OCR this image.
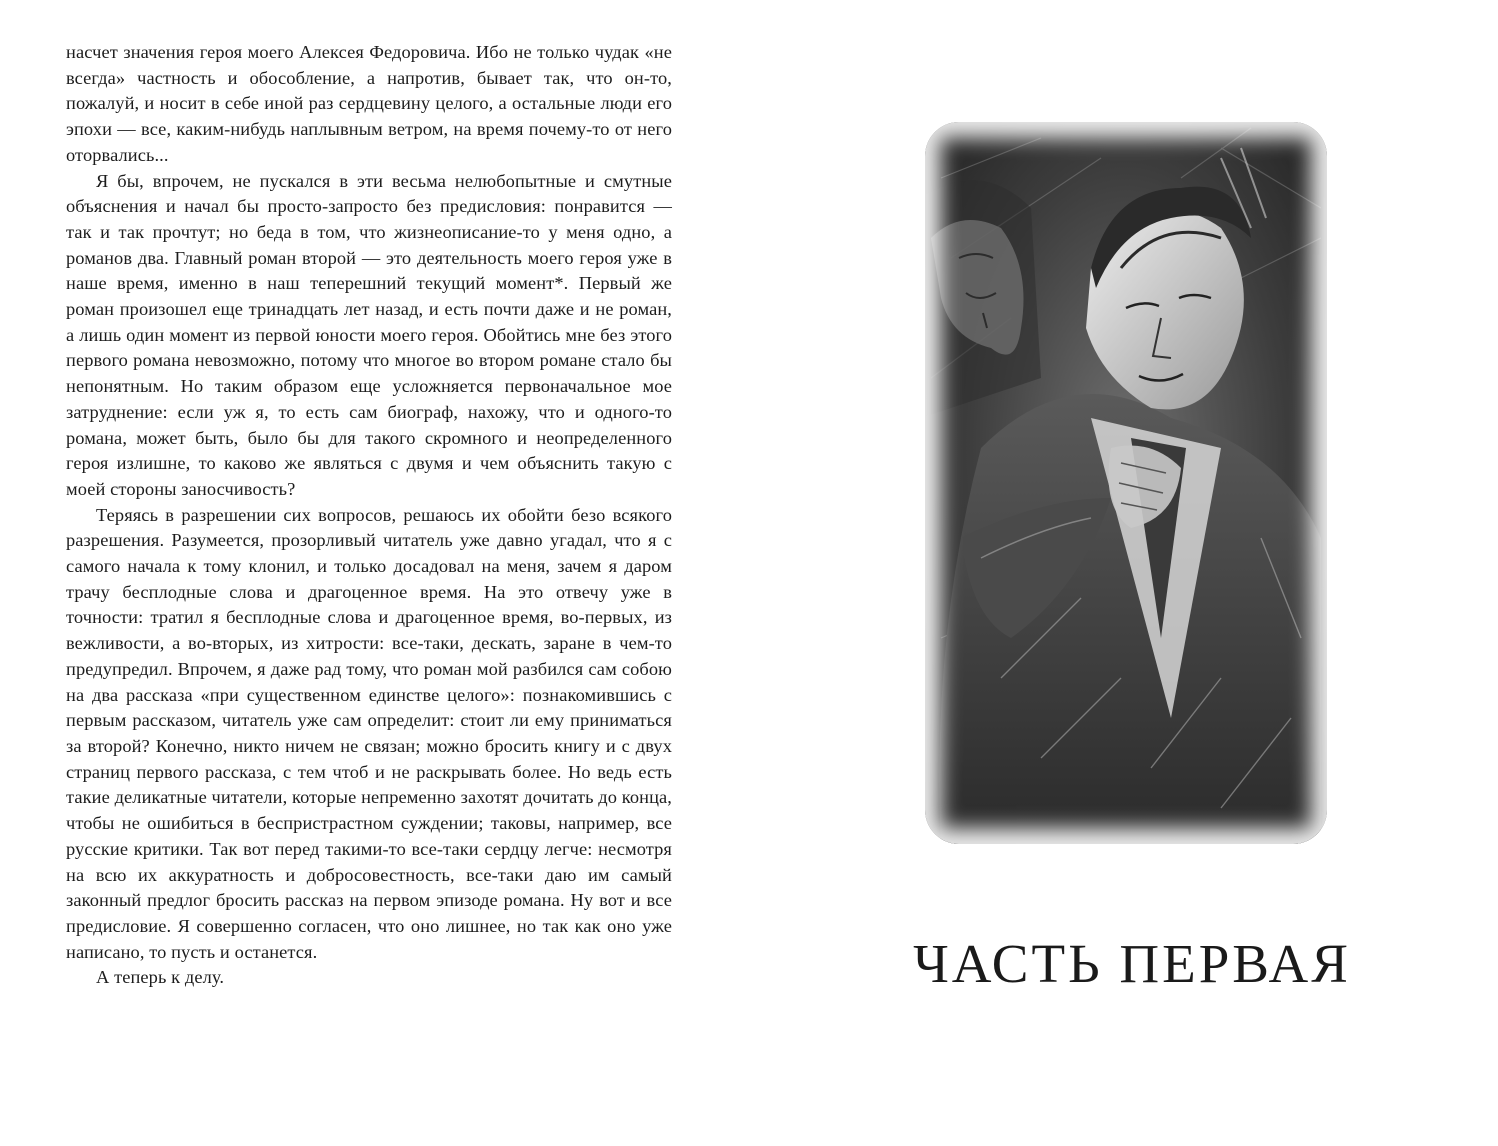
насчет значения героя моего Алексея Федоровича. Ибо не только чудак «не всегда» частность и обособление, а напротив, бывает так, что он-то, пожалуй, и носит в себе иной раз сердцевину целого, а остальные люди его эпохи — все, каким-нибудь наплывным ветром, на время почему-то от него оторвались...

Я бы, впрочем, не пускался в эти весьма нелюбопытные и смутные объяснения и начал бы просто-запросто без предисловия: понравится — так и так прочтут; но беда в том, что жизнеописание-то у меня одно, а романов два. Главный роман второй — это деятельность моего героя уже в наше время, именно в наш теперешний текущий момент*. Первый же роман произошел еще тринадцать лет назад, и есть почти даже и не роман, а лишь один момент из первой юности моего героя. Обойтись мне без этого первого романа невозможно, потому что многое во втором романе стало бы непонятным. Но таким образом еще усложняется первоначальное мое затруднение: если уж я, то есть сам биограф, нахожу, что и одного-то романа, может быть, было бы для такого скромного и неопределенного героя излишне, то каково же являться с двумя и чем объяснить такую с моей стороны заносчивость?

Теряясь в разрешении сих вопросов, решаюсь их обойти безо всякого разрешения. Разумеется, прозорливый читатель уже давно угадал, что я с самого начала к тому клонил, и только досадовал на меня, зачем я даром трачу бесплодные слова и драгоценное время. На это отвечу уже в точности: тратил я бесплодные слова и драгоценное время, во-первых, из вежливости, а во-вторых, из хитрости: все-таки, дескать, заране в чем-то предупредил. Впрочем, я даже рад тому, что роман мой разбился сам собою на два рассказа «при существенном единстве целого»: познакомившись с первым рассказом, читатель уже сам определит: стоит ли ему приниматься за второй? Конечно, никто ничем не связан; можно бросить книгу и с двух страниц первого рассказа, с тем чтоб и не раскрывать более. Но ведь есть такие деликатные читатели, которые непременно захотят дочитать до конца, чтобы не ошибиться в беспристрастном суждении; таковы, например, все русские критики. Так вот перед такими-то все-таки сердцу легче: несмотря на всю их аккуратность и добросовестность, все-таки даю им самый законный предлог бросить рассказ на первом эпизоде романа. Ну вот и все предисловие. Я совершенно согласен, что оно лишнее, но так как оно уже написано, то пусть и останется.

А теперь к делу.	ЧАСТЬ ПЕРВАЯ
